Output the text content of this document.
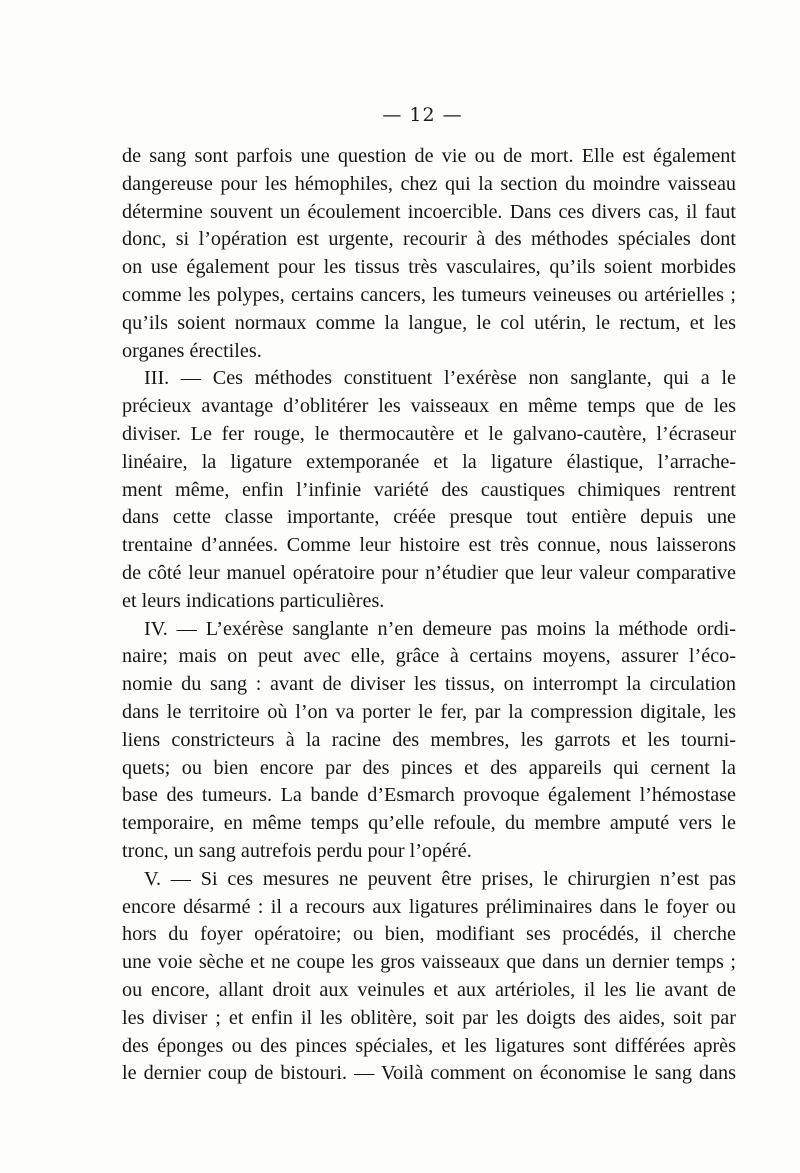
— 12 —
de sang sont parfois une question de vie ou de mort. Elle est également
dangereuse pour les hémophiles, chez qui la section du moindre vaisseau
détermine souvent un écoulement incoercible. Dans ces divers cas, il faut
donc, si l’opération est urgente, recourir à des méthodes spéciales dont
on use également pour les tissus très vasculaires, qu’ils soient morbides
comme les polypes, certains cancers, les tumeurs veineuses ou artérielles ;
qu’ils soient normaux comme la langue, le col utérin, le rectum, et les
organes érectiles.
III. — Ces méthodes constituent l’exérèse non sanglante, qui a le
précieux avantage d’oblitérer les vaisseaux en même temps que de les
diviser. Le fer rouge, le thermocautère et le galvano-cautère, l’écraseur
linéaire, la ligature extemporanée et la ligature élastique, l’arrache-
ment même, enfin l’infinie variété des caustiques chimiques rentrent
dans cette classe importante, créée presque tout entière depuis une
trentaine d’années. Comme leur histoire est très connue, nous laisserons
de côté leur manuel opératoire pour n’étudier que leur valeur comparative
et leurs indications particulières.
IV. — L’exérèse sanglante n’en demeure pas moins la méthode ordi-
naire; mais on peut avec elle, grâce à certains moyens, assurer l’éco-
nomie du sang : avant de diviser les tissus, on interrompt la circulation
dans le territoire où l’on va porter le fer, par la compression digitale, les
liens constricteurs à la racine des membres, les garrots et les tourni-
quets; ou bien encore par des pinces et des appareils qui cernent la
base des tumeurs. La bande d’Esmarch provoque également l’hémostase
temporaire, en même temps qu’elle refoule, du membre amputé vers le
tronc, un sang autrefois perdu pour l’opéré.
V. — Si ces mesures ne peuvent être prises, le chirurgien n’est pas
encore désarmé : il a recours aux ligatures préliminaires dans le foyer ou
hors du foyer opératoire; ou bien, modifiant ses procédés, il cherche
une voie sèche et ne coupe les gros vaisseaux que dans un dernier temps ;
ou encore, allant droit aux veinules et aux artérioles, il les lie avant de
les diviser ; et enfin il les oblitère, soit par les doigts des aides, soit par
des éponges ou des pinces spéciales, et les ligatures sont différées après
le dernier coup de bistouri. — Voilà comment on économise le sang dans
